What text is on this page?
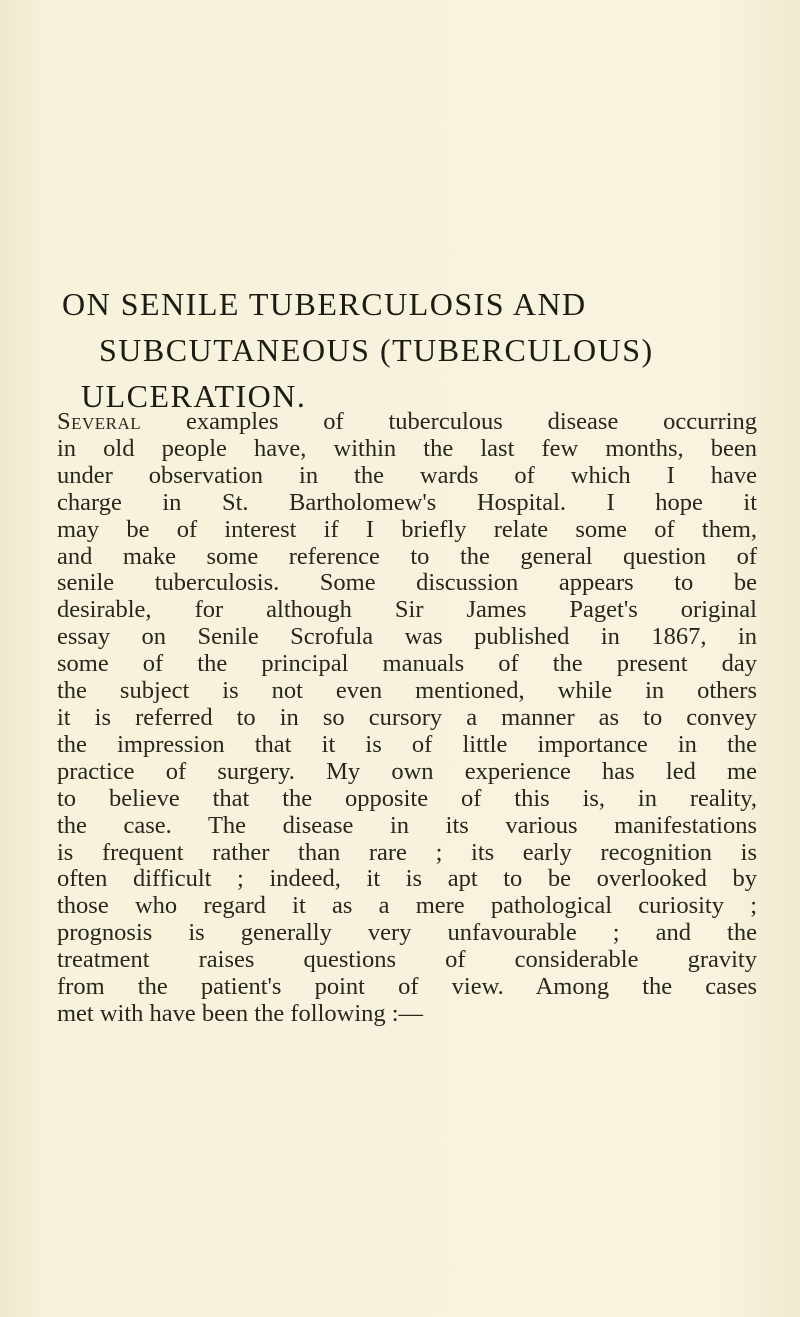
ON SENILE TUBERCULOSIS AND
SUBCUTANEOUS (TUBERCULOUS)
ULCERATION.

Several examples of tuberculous disease occurring
in old people have, within the last few months, been
under observation in the wards of which I have
charge in St. Bartholomew's Hospital. I hope it
may be of interest if I briefly relate some of them,
and make some reference to the general question of
senile tuberculosis. Some discussion appears to be
desirable, for although Sir James Paget's original
essay on Senile Scrofula was published in 1867, in
some of the principal manuals of the present day
the subject is not even mentioned, while in others
it is referred to in so cursory a manner as to convey
the impression that it is of little importance in the
practice of surgery. My own experience has led me
to believe that the opposite of this is, in reality,
the case. The disease in its various manifestations
is frequent rather than rare ; its early recognition is
often difficult ; indeed, it is apt to be overlooked by
those who regard it as a mere pathological curiosity ;
prognosis is generally very unfavourable ; and the
treatment raises questions of considerable gravity
from the patient's point of view. Among the cases
met with have been the following :—
